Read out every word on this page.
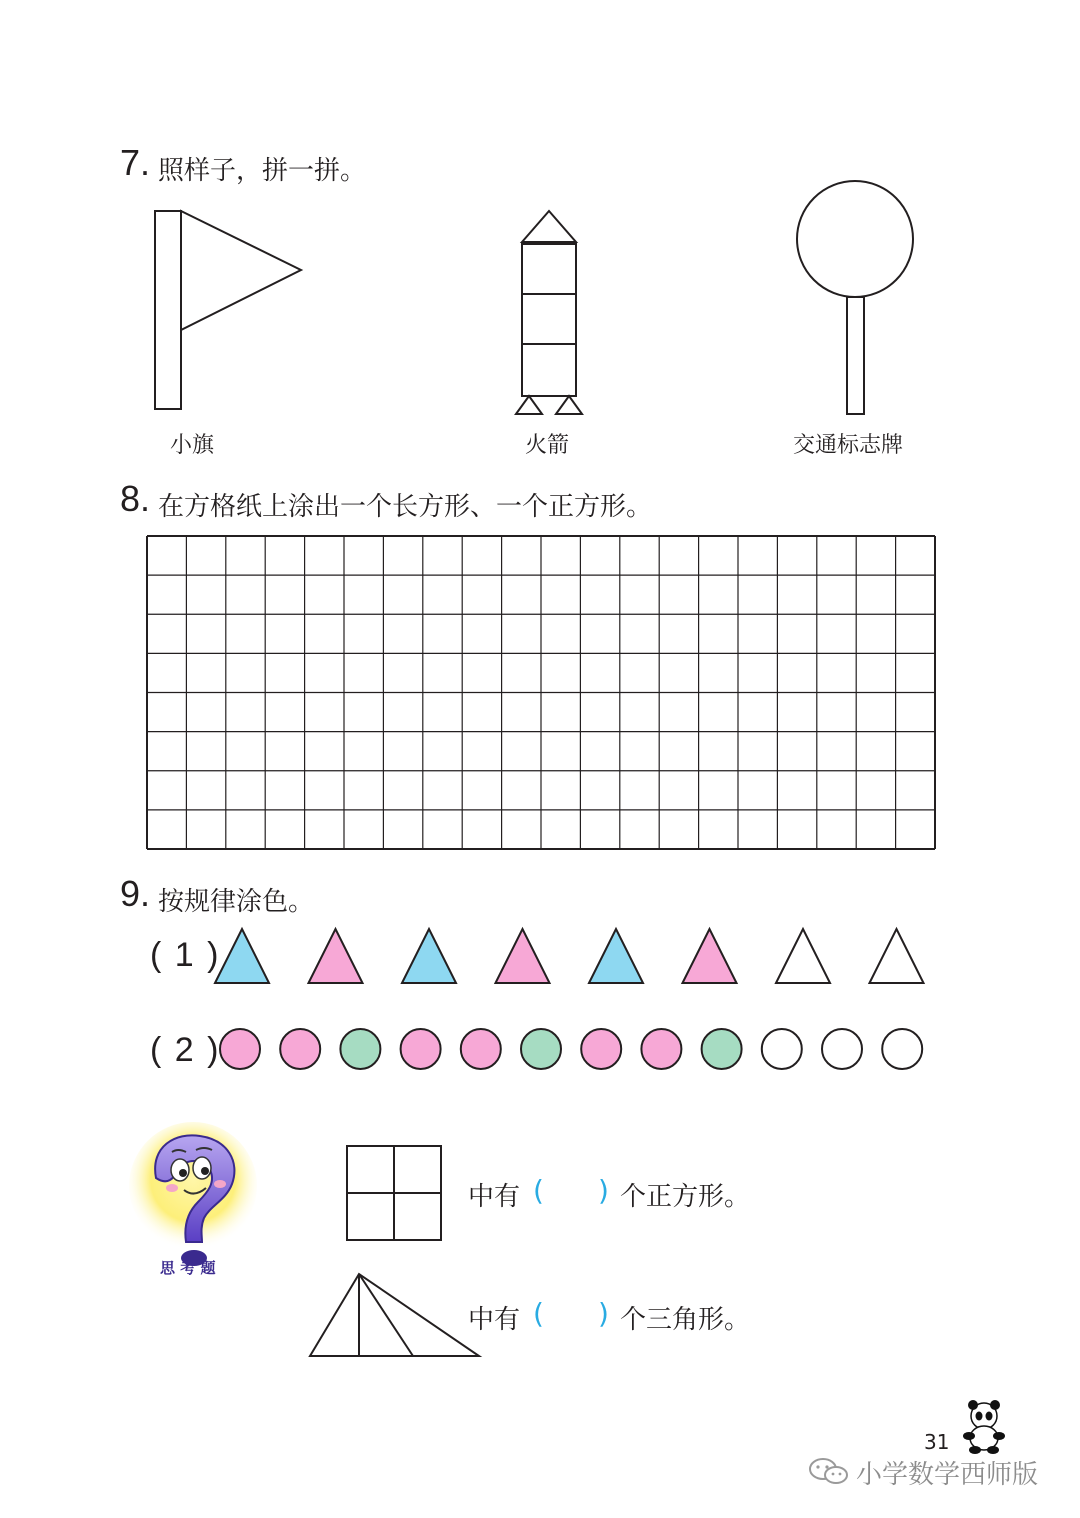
7. 照样子，拼一拼。
小旗	火箭	交通标志牌
8. 在方格纸上涂出一个长方形、一个正方形。
9. 按规律涂色。
( 1 )
( 2 )
思 考 题
中有 ( ) 个正方形。
中有 ( ) 个三角形。
31
小学数学西师版
